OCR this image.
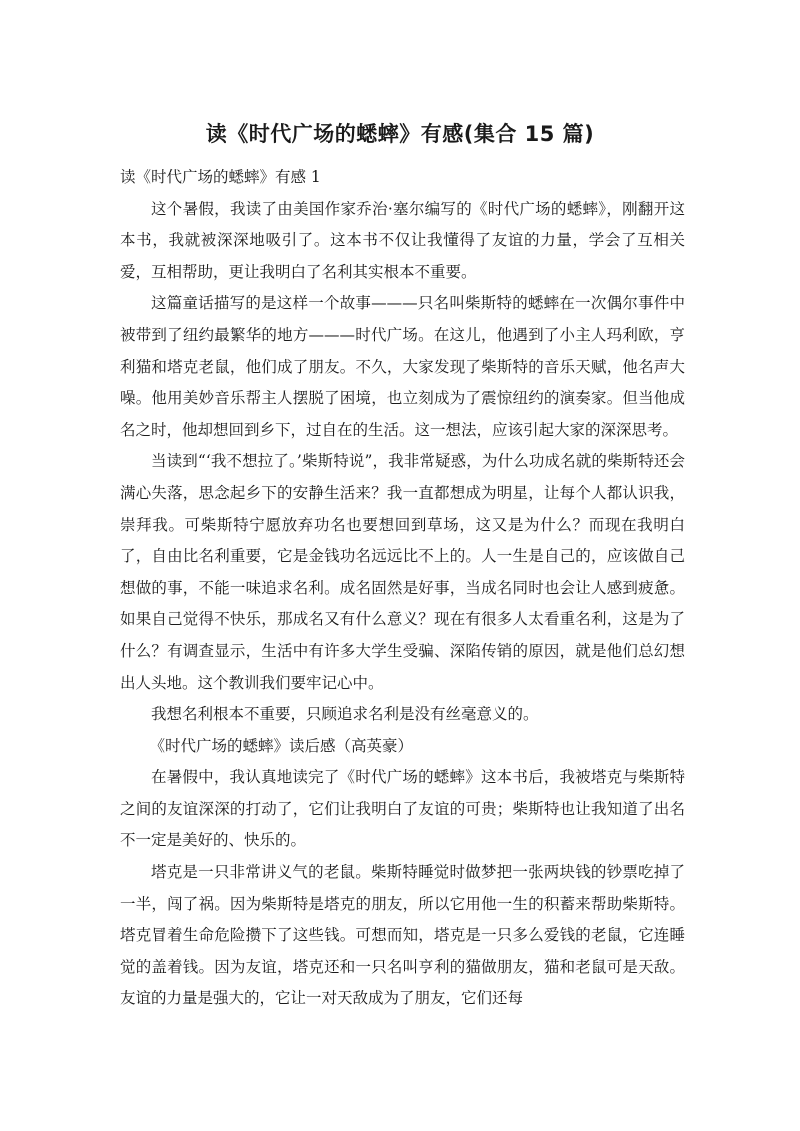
读《时代广场的蟋蟀》有感(集合 15 篇)

读《时代广场的蟋蟀》有感 1

这个暑假，我读了由美国作家乔治·塞尔编写的《时代广场的蟋蟀》，刚翻开这本书，我就被深深地吸引了。这本书不仅让我懂得了友谊的力量，学会了互相关爱，互相帮助，更让我明白了名利其实根本不重要。

这篇童话描写的是这样一个故事———只名叫柴斯特的蟋蟀在一次偶尔事件中被带到了纽约最繁华的地方———时代广场。在这儿，他遇到了小主人玛利欧，亨利猫和塔克老鼠，他们成了朋友。不久，大家发现了柴斯特的音乐天赋，他名声大噪。他用美妙音乐帮主人摆脱了困境，也立刻成为了震惊纽约的演奏家。但当他成名之时，他却想回到乡下，过自在的生活。这一想法，应该引起大家的深深思考。

当读到“‘我不想拉了。’柴斯特说”，我非常疑惑，为什么功成名就的柴斯特还会满心失落，思念起乡下的安静生活来？我一直都想成为明星，让每个人都认识我，崇拜我。可柴斯特宁愿放弃功名也要想回到草场，这又是为什么？而现在我明白了，自由比名利重要，它是金钱功名远远比不上的。人一生是自己的，应该做自己想做的事，不能一味追求名利。成名固然是好事，当成名同时也会让人感到疲惫。如果自己觉得不快乐，那成名又有什么意义？现在有很多人太看重名利，这是为了什么？有调查显示，生活中有许多大学生受骗、深陷传销的原因，就是他们总幻想出人头地。这个教训我们要牢记心中。

我想名利根本不重要，只顾追求名利是没有丝毫意义的。

《时代广场的蟋蟀》读后感（高英豪）

在暑假中，我认真地读完了《时代广场的蟋蟀》这本书后，我被塔克与柴斯特之间的友谊深深的打动了，它们让我明白了友谊的可贵；柴斯特也让我知道了出名不一定是美好的、快乐的。

塔克是一只非常讲义气的老鼠。柴斯特睡觉时做梦把一张两块钱的钞票吃掉了一半，闯了祸。因为柴斯特是塔克的朋友，所以它用他一生的积蓄来帮助柴斯特。塔克冒着生命危险攒下了这些钱。可想而知，塔克是一只多么爱钱的老鼠，它连睡觉的盖着钱。因为友谊，塔克还和一只名叫亨利的猫做朋友，猫和老鼠可是天敌。友谊的力量是强大的，它让一对天敌成为了朋友，它们还每
